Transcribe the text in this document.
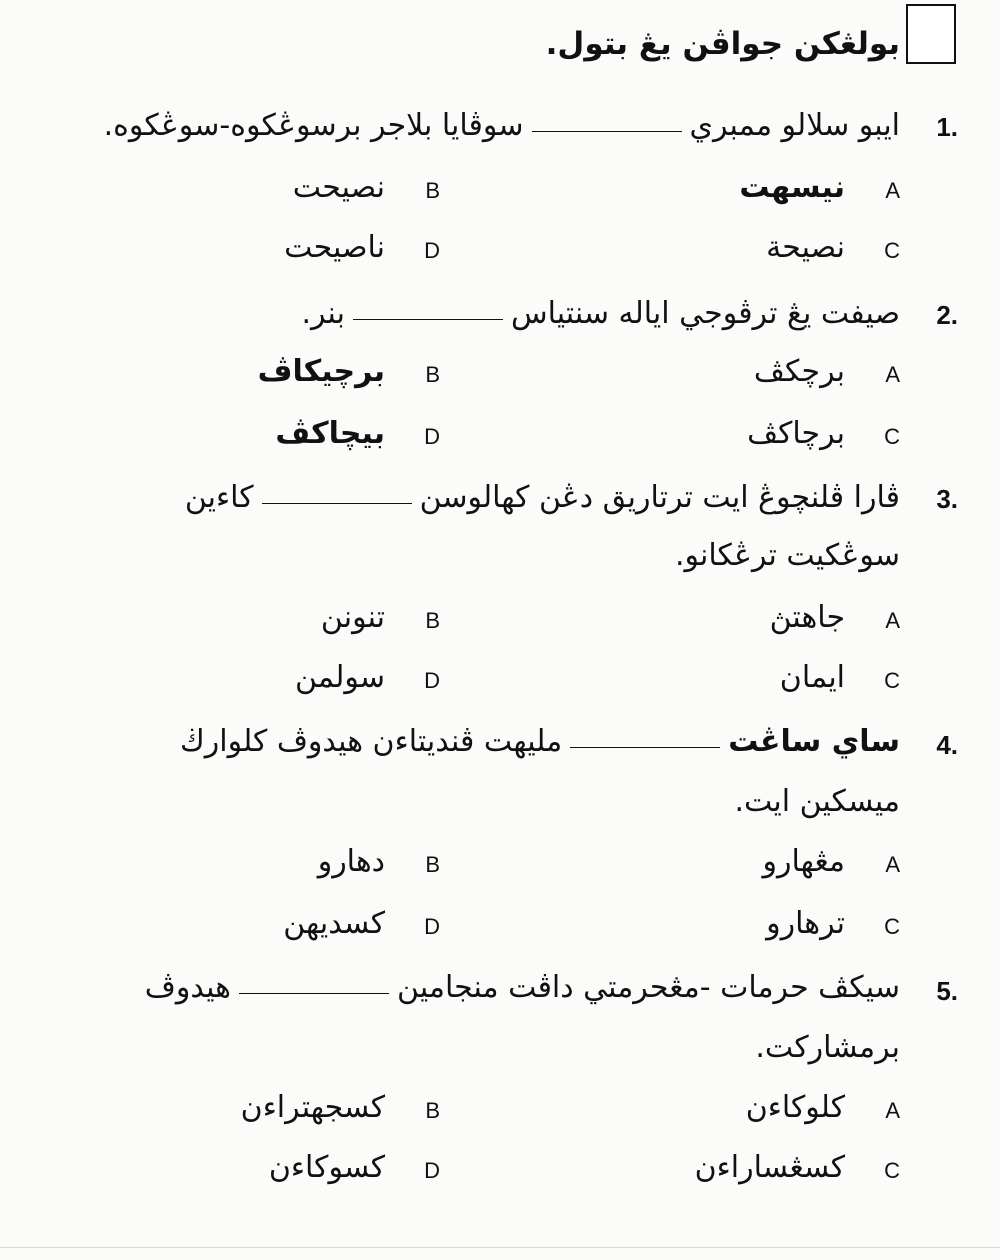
بولڠكن جواڤن يڠ بتول.
1.
ايبو سلالو ممبريسوڤايا بلاجر برسوڠكوه-سوڠكوه.
A
نيسهت
B
نصيحت
C
نصيحة
D
ناصيحت
2.
صيفت يڠ ترڤوجي ايالە سنتياسبنر.
A
برچكڤ
B
برچيكاڤ
C
برچاكڤ
D
بيچاكڤ
3.
ڤارا ڤلنچوڠ ايت ترتاريق دڠن كهالوسنكاءين
سوڠكيت ترڠكانو.
A
جاهتڽ
B
تنونن
C
ايمان
D
سولمن
4.
ساي ساڠتمليهت ڤنديتاءن هيدوڤ كلوارڬ
ميسكين ايت.
A
مڠهارو
B
دهارو
C
ترهارو
D
كسديهن
5.
سيكڤ حرمات -مڠحرمتي داڤت منجامينهيدوڤ
برمشاركت.
A
كلوكاءن
B
كسجهتراءن
C
كسڠساراءن
D
كسوكاءن
